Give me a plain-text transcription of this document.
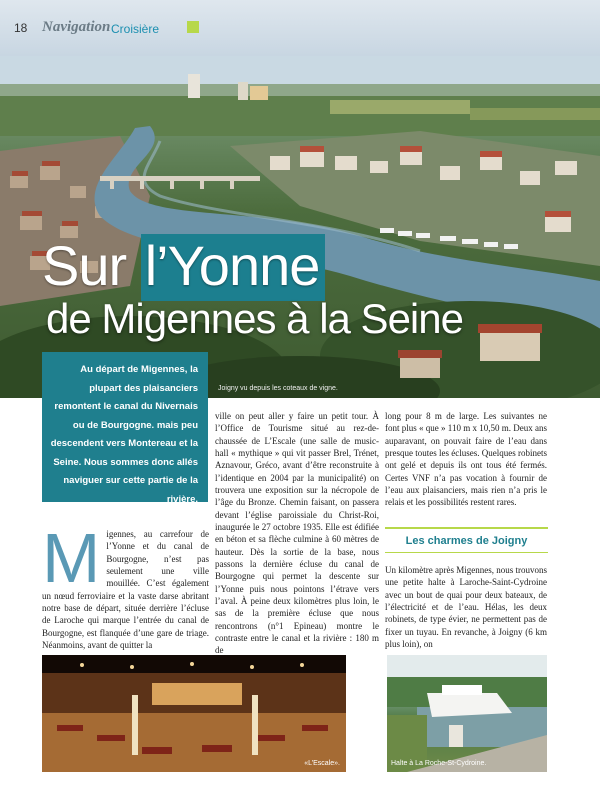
18 Navigation Croisière
Joigny vu depuis les coteaux de vigne.
Sur l’Yonne
de Migennes à la Seine

Au départ de Migennes, la plupart des plaisanciers remontent le canal du Nivernais ou de Bourgogne. mais peu descendent vers Montereau et la Seine. Nous sommes donc allés naviguer sur cette partie de la rivière.

TEXTE ET PHOTOS J.-P. LAMOTTE

Migennes, au carrefour de l’Yonne et du canal de Bourgogne, n’est pas seulement une ville mouillée. C’est également un nœud ferroviaire et la vaste darse abritant notre base de départ, située derrière l’écluse de Laroche qui marque l’entrée du canal de Bourgogne, est flanquée d’une gare de triage. Néanmoins, avant de quitter la
ville on peut aller y faire un petit tour. À l’Office de Tourisme situé au rez-de-chaussée de L’Escale (une salle de music-hall « mythique » qui vit passer Brel, Trénet, Aznavour, Gréco, avant d’être reconstruite à l’identique en 2004 par la municipalité) on trouvera une exposition sur la nécropole de l’âge du Bronze. Chemin faisant, on passera devant l’église paroissiale du Christ-Roi, inaugurée le 27 octobre 1935. Elle est édifiée en béton et sa flèche culmine à 60 mètres de hauteur. Dès la sortie de la base, nous passons la dernière écluse du canal de Bourgogne qui permet la descente sur l’Yonne puis nous pointons l’étrave vers l’aval. À peine deux kilomètres plus loin, le sas de la première écluse que nous rencontrons (n°1 Epineau) montre le contraste entre le canal et la rivière : 180 m de
long pour 8 m de large. Les suivantes ne font plus « que » 110 m x 10,50 m. Deux ans auparavant, on pouvait faire de l’eau dans presque toutes les écluses. Quelques robinets ont gelé et depuis ils ont tous été fermés. Certes VNF n’a pas vocation à fournir de l’eau aux plaisanciers, mais rien n’a pris le relais et les possibilités restent rares.
Les charmes de Joigny
Un kilomètre après Migennes, nous trouvons une petite halte à Laroche-Saint-Cydroine avec un bout de quai pour deux bateaux, de l’électricité et de l’eau. Hélas, les deux robinets, de type évier, ne permettent pas de fixer un tuyau. En revanche, à Joigny (6 km plus loin), on
«L’Escale».	Halte à La Roche-St-Cydroine.
